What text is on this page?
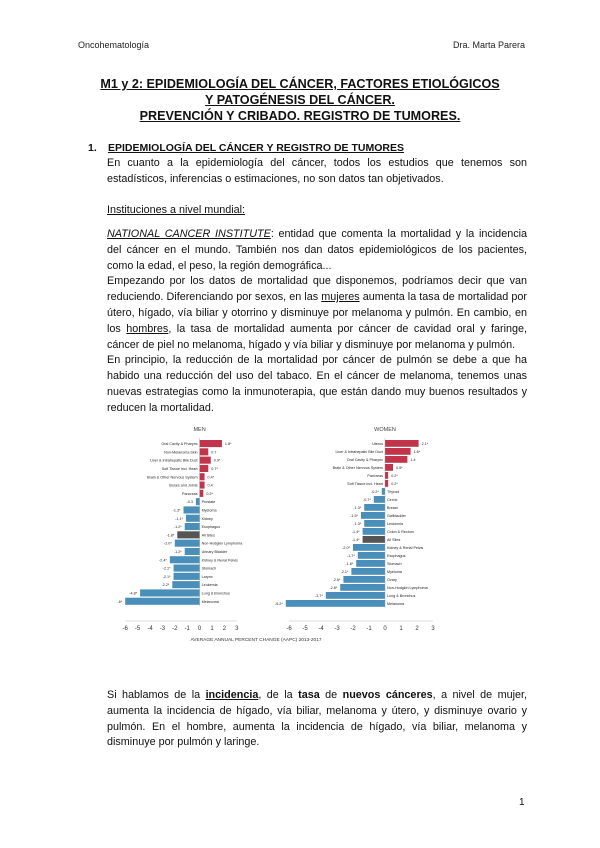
Oncohematología	Dra. Marta Parera
M1 y 2: EPIDEMIOLOGÍA DEL CÁNCER, FACTORES ETIOLÓGICOS
Y PATOGÉNESIS DEL CÁNCER.
PREVENCIÓN Y CRIBADO. REGISTRO DE TUMORES.
1. EPIDEMIOLOGÍA DEL CÁNCER Y REGISTRO DE TUMORES

En cuanto a la epidemiología del cáncer, todos los estudios que tenemos son estadísticos, inferencias o estimaciones, no son datos tan objetivados.

Instituciones a nivel mundial:

NATIONAL CANCER INSTITUTE: entidad que comenta la mortalidad y la incidencia del cáncer en el mundo. También nos dan datos epidemiológicos de los pacientes, como la edad, el peso, la región demográfica...

Empezando por los datos de mortalidad que disponemos, podríamos decir que van reduciendo. Diferenciando por sexos, en las mujeres aumenta la tasa de mortalidad por útero, hígado, vía biliar y otorrino y disminuye por melanoma y pulmón. En cambio, en los hombres, la tasa de mortalidad aumenta por cáncer de cavidad oral y faringe, cáncer de piel no melanoma, hígado y vía biliar y disminuye por melanoma y pulmón.

En principio, la reducción de la mortalidad por cáncer de pulmón se debe a que ha habido una reducción del uso del tabaco. En el cáncer de melanoma, tenemos unas nuevas estrategias como la inmunoterapia, que están dando muy buenos resultados y reducen la mortalidad.

MEN
Oral Cavity & Pharynx	1.8*
Non-Melanoma Skin	0.7
Liver & Intrahepatic Bile Duct	0.9*
Soft Tissue incl. Heart	0.7*
Brain & Other Nervous System	0.4*
Bones and Joints	0.4
Pancreas 0.3*
Prostate
-0.3
Myeloma
-1.3*
Kidney
-1.1*
Esophagus
-1.2*
All Sites
-1.8*
Non-Hodgkin Lymphoma
-2.0*
Urinary Bladder
-1.2*
Kidney & Renal Pelvis
-2.4*
Stomach
-2.1*
Larynx
-2.1*
Leukemia
-2.2*
Lung & Bronchus
-4.8*
Melanoma
-6*
-6 -5 -4 -3 -2 -1 0 1 2 3
WOMEN
Uterus	2.1*
Liver & Intrahepatic Bile Duct	1.6*
Oral Cavity & Pharynx	1.4
Brain & Other Nervous System	0.5*
Pancreas 0.2*
Soft Tissue incl. Heart 0.2*
Thyroid
-0.2*
Cervix
-0.7*
Breast
-1.3*
Gallbladder
-1.5*
Leukemia
-1.3*
Colon & Rectum
-1.4*
All Sites
-1.4*
Kidney & Renal Pelvis
-2.0*
Esophagus
-1.7*
Stomach
-1.8*
Myeloma
-2.1*
Ovary
-2.6*
Non-Hodgkin Lymphoma
-2.8*
Lung & Bronchus
-3.7*
Melanoma
-6.2*
-6 -5 -4 -3 -2 -1 0 1 2 3
AVERAGE ANNUAL PERCENT CHANGE (AAPC) 2013-2017

Si hablamos de la incidencia, de la tasa de nuevos cánceres, a nivel de mujer, aumenta la incidencia de hígado, vía biliar, melanoma y útero, y disminuye ovario y pulmón. En el hombre, aumenta la incidencia de hígado, vía biliar, melanoma y disminuye por pulmón y laringe.

1
